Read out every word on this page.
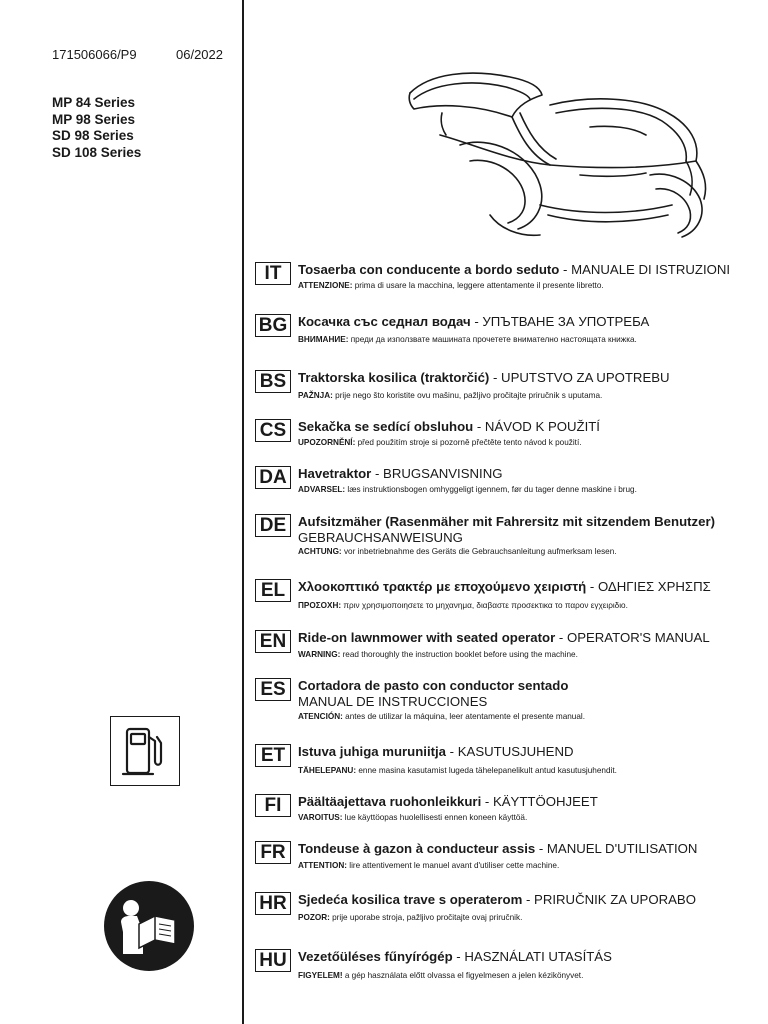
171506066/P9	06/2022
MP 84 Series
MP 98 Series
SD 98 Series
SD 108 Series
IT	Tosaerba con conducente a bordo seduto - MANUALE DI ISTRUZIONI
ATTENZIONE: prima di usare la macchina, leggere attentamente il presente libretto.
BG Косачка със седнал водач - УПЪТВАНЕ ЗА УПОТРЕБА
ВНИМАНИЕ: преди да използвате машината прочетете внимателно настоящата книжка.
BS Traktorska kosilica (traktorčić) - UPUTSTVO ZA UPOTREBU
PAŽNJA: prije nego što koristite ovu mašinu, pažljivo pročitajte priručnik s uputama.
CS Sekačka se sedící obsluhou - NÁVOD K POUŽITÍ
UPOZORNĚNÍ: před použitím stroje si pozorně přečtěte tento návod k použití.
DA Havetraktor - BRUGSANVISNING
ADVARSEL: læs instruktionsbogen omhyggeligt igennem, før du tager denne maskine i brug.
DE Aufsitzmäher (Rasenmäher mit Fahrersitz mit sitzendem Benutzer)
GEBRAUCHSANWEISUNG
ACHTUNG: vor inbetriebnahme des Geräts die Gebrauchsanleitung aufmerksam lesen.
EL Χλοοκοπτικό τρακτέρ με εποχούμενο χειριστή - ΟΔΗΓΙΕΣ ΧΡΗΣΠΣ
ΠΡΟΣΟΧΗ: πριν χρησιμοποιησετε το μηχανημα, διαβαστε προσεκτικα το παρον εγχειριδιο.
EN Ride-on lawnmower with seated operator - OPERATOR'S MANUAL
WARNING: read thoroughly the instruction booklet before using the machine.
ES Cortadora de pasto con conductor sentado
MANUAL DE INSTRUCCIONES
ATENCIÓN: antes de utilizar la máquina, leer atentamente el presente manual.
ET Istuva juhiga muruniitja - KASUTUSJUHEND
TÄHELEPANU: enne masina kasutamist lugeda tähelepanelikult antud kasutusjuhendit.
FI	Päältäajettava ruohonleikkuri - KÄYTTÖOHJEET
VAROITUS: lue käyttöopas huolellisesti ennen koneen käyttöä.
FR Tondeuse à gazon à conducteur assis - MANUEL D'UTILISATION
ATTENTION: lire attentivement le manuel avant d'utiliser cette machine.
HR Sjedeća kosilica trave s operaterom - PRIRUČNIK ZA UPORABO
POZOR: prije uporabe stroja, pažljivo pročitajte ovaj priručnik.
HU Vezetőüléses fűnyírógép - HASZNÁLATI UTASÍTÁS
FIGYELEM! a gép használata előtt olvassa el figyelmesen a jelen kézikönyvet.
